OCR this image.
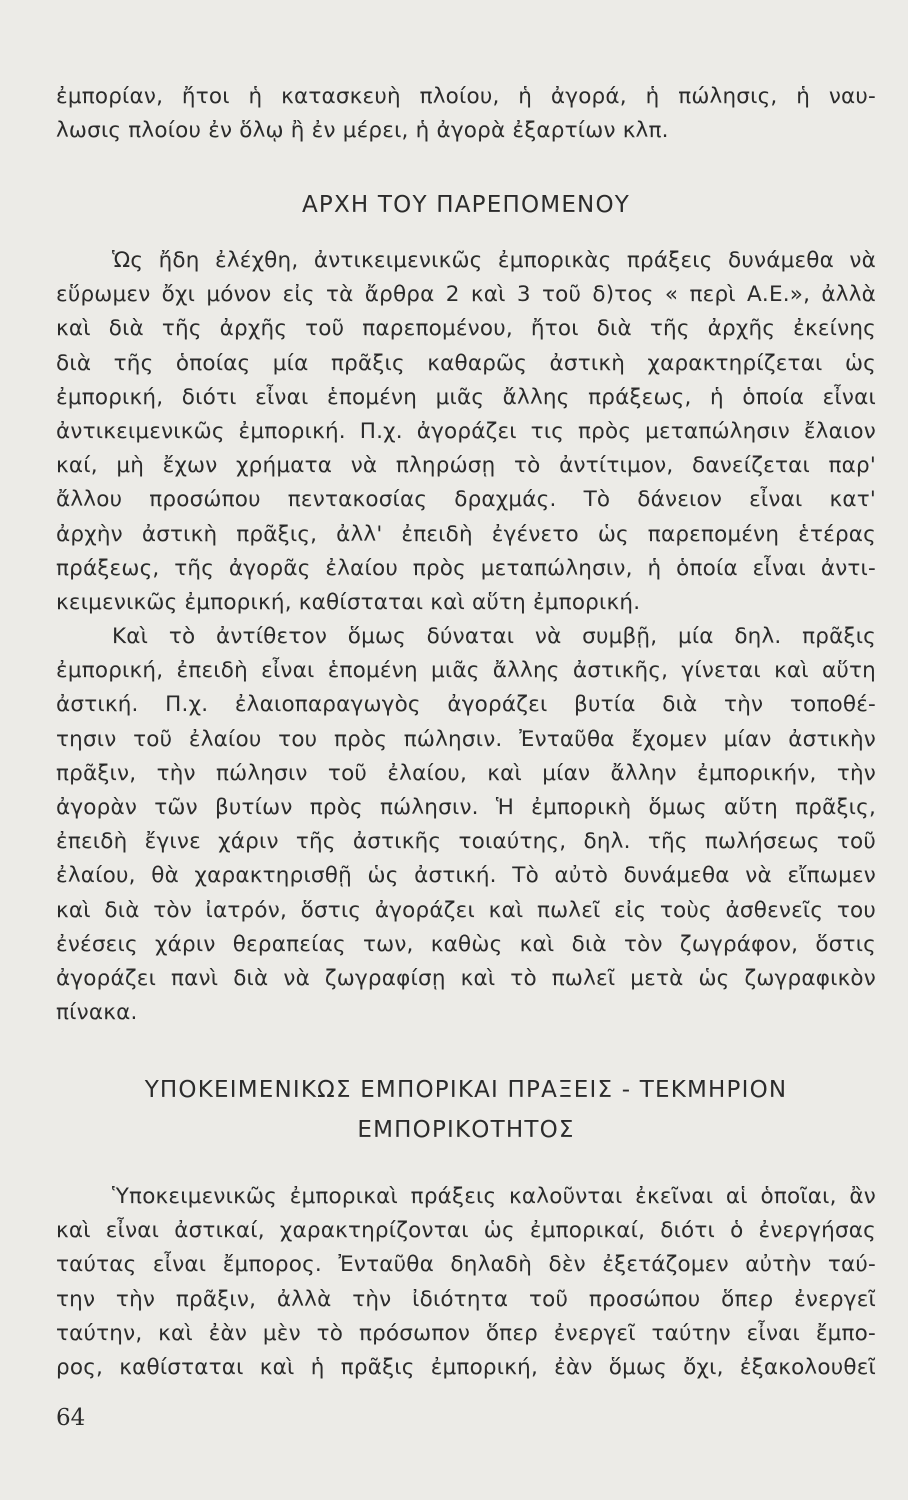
ἐμπορίαν, ἤτοι ἡ κατασκευὴ πλοίου, ἡ ἀγορά, ἡ πώλησις, ἡ ναυ-
λωσις πλοίου ἐν ὅλῳ ἢ ἐν μέρει, ἡ ἀγορὰ ἐξαρτίων κλπ.
ΑΡΧΗ ΤΟΥ ΠΑΡΕΠΟΜΕΝΟΥ
Ὡς ἤδη ἐλέχθη, ἀντικειμενικῶς ἐμπορικὰς πράξεις δυνάμεθα νὰ
εὕρωμεν ὄχι μόνον εἰς τὰ ἄρθρα 2 καὶ 3 τοῦ δ)τος « περὶ Α.Ε.», ἀλλὰ
καὶ διὰ τῆς ἀρχῆς τοῦ παρεπομένου, ἤτοι διὰ τῆς ἀρχῆς ἐκείνης
διὰ τῆς ὁποίας μία πρᾶξις καθαρῶς ἀστικὴ χαρακτηρίζεται ὡς
ἐμπορική, διότι εἶναι ἑπομένη μιᾶς ἄλλης πράξεως, ἡ ὁποία εἶναι
ἀντικειμενικῶς ἐμπορική. Π.χ. ἀγοράζει τις πρὸς μεταπώλησιν ἔλαιον
καί, μὴ ἔχων χρήματα νὰ πληρώσῃ τὸ ἀντίτιμον, δανείζεται παρ'
ἄλλου προσώπου πεντακοσίας δραχμάς. Τὸ δάνειον εἶναι κατ'
ἀρχὴν ἀστικὴ πρᾶξις, ἀλλ' ἐπειδὴ ἐγένετο ὡς παρεπομένη ἑτέρας
πράξεως, τῆς ἀγορᾶς ἐλαίου πρὸς μεταπώλησιν, ἡ ὁποία εἶναι ἀντι-
κειμενικῶς ἐμπορική, καθίσταται καὶ αὕτη ἐμπορική.
Καὶ τὸ ἀντίθετον ὅμως δύναται νὰ συμβῇ, μία δηλ. πρᾶξις
ἐμπορική, ἐπειδὴ εἶναι ἑπομένη μιᾶς ἄλλης ἀστικῆς, γίνεται καὶ αὕτη
ἀστική. Π.χ. ἐλαιοπαραγωγὸς ἀγοράζει βυτία διὰ τὴν τοποθέ-
τησιν τοῦ ἐλαίου του πρὸς πώλησιν. Ἐνταῦθα ἔχομεν μίαν ἀστικὴν
πρᾶξιν, τὴν πώλησιν τοῦ ἐλαίου, καὶ μίαν ἄλλην ἐμπορικήν, τὴν
ἀγορὰν τῶν βυτίων πρὸς πώλησιν. Ἡ ἐμπορικὴ ὅμως αὕτη πρᾶξις,
ἐπειδὴ ἔγινε χάριν τῆς ἀστικῆς τοιαύτης, δηλ. τῆς πωλήσεως τοῦ
ἐλαίου, θὰ χαρακτηρισθῇ ὡς ἀστική. Τὸ αὐτὸ δυνάμεθα νὰ εἴπωμεν
καὶ διὰ τὸν ἰατρόν, ὅστις ἀγοράζει καὶ πωλεῖ εἰς τοὺς ἀσθενεῖς του
ἐνέσεις χάριν θεραπείας των, καθὼς καὶ διὰ τὸν ζωγράφον, ὅστις
ἀγοράζει πανὶ διὰ νὰ ζωγραφίσῃ καὶ τὸ πωλεῖ μετὰ ὡς ζωγραφικὸν
πίνακα.
ΥΠΟΚΕΙΜΕΝΙΚΩΣ ΕΜΠΟΡΙΚΑΙ ΠΡΑΞΕΙΣ - ΤΕΚΜΗΡΙΟΝ
ΕΜΠΟΡΙΚΟΤΗΤΟΣ
Ὑποκειμενικῶς ἐμπορικαὶ πράξεις καλοῦνται ἐκεῖναι αἱ ὁποῖαι, ἂν
καὶ εἶναι ἀστικαί, χαρακτηρίζονται ὡς ἐμπορικαί, διότι ὁ ἐνεργήσας
ταύτας εἶναι ἔμπορος. Ἐνταῦθα δηλαδὴ δὲν ἐξετάζομεν αὐτὴν ταύ-
την τὴν πρᾶξιν, ἀλλὰ τὴν ἰδιότητα τοῦ προσώπου ὅπερ ἐνεργεῖ
ταύτην, καὶ ἐὰν μὲν τὸ πρόσωπον ὅπερ ἐνεργεῖ ταύτην εἶναι ἔμπο-
ρος, καθίσταται καὶ ἡ πρᾶξις ἐμπορική, ἐὰν ὅμως ὄχι, ἐξακολουθεῖ
64
